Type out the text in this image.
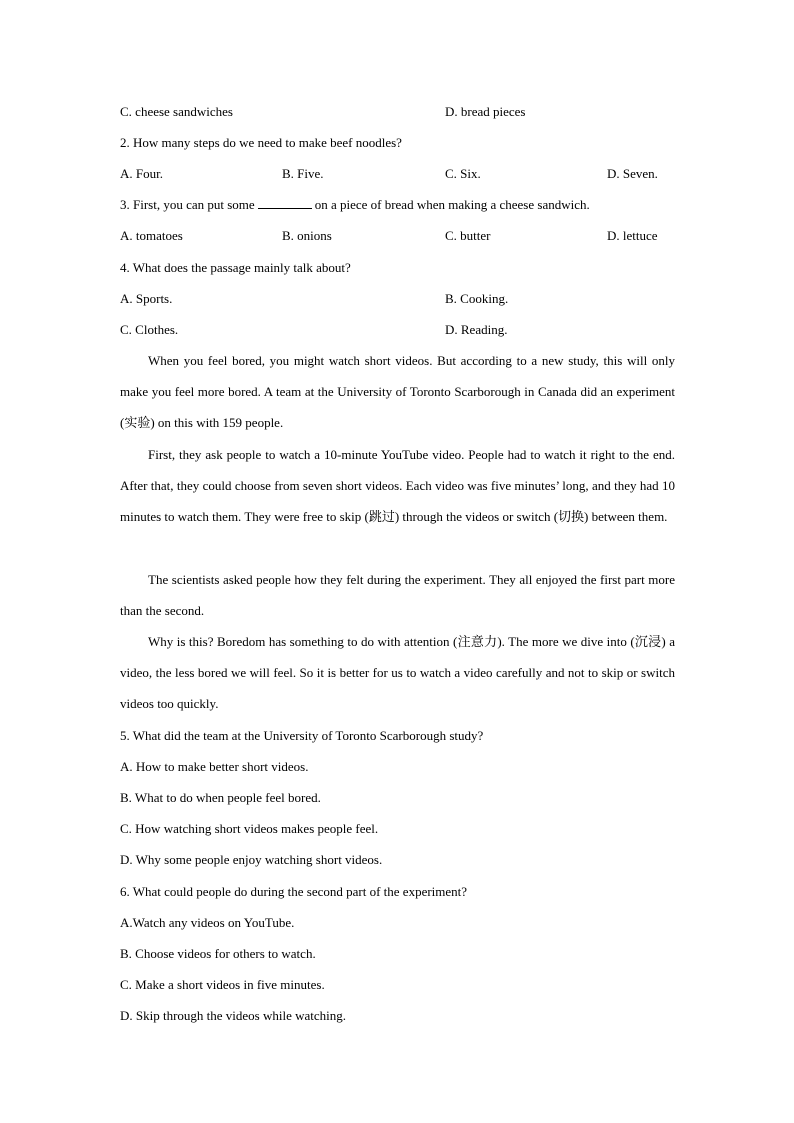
C. cheese sandwiches	D. bread pieces
2. How many steps do we need to make beef noodles?
A. Four.	B. Five.	C. Six.	D. Seven.
3. First, you can put some	on a piece of bread when making a cheese sandwich.
A. tomatoes	B. onions	C. butter	D. lettuce
4. What does the passage mainly talk about?
A. Sports.	B. Cooking.
C. Clothes.	D. Reading.
When you feel bored, you might watch short videos. But according to a new study, this will only make you feel more bored. A team at the University of Toronto Scarborough in Canada did an experiment (实验) on this with 159 people.
First, they ask people to watch a 10-minute YouTube video. People had to watch it right to the end. After that, they could choose from seven short videos. Each video was five minutes’ long, and they had 10 minutes to watch them. They were free to skip (跳过) through the videos or switch (切换) between them.
The scientists asked people how they felt during the experiment. They all enjoyed the first part more than the second.
Why is this? Boredom has something to do with attention (注意力). The more we dive into (沉浸) a video, the less bored we will feel. So it is better for us to watch a video carefully and not to skip or switch videos too quickly.
5. What did the team at the University of Toronto Scarborough study?
A. How to make better short videos.
B. What to do when people feel bored.
C. How watching short videos makes people feel.
D. Why some people enjoy watching short videos.
6. What could people do during the second part of the experiment?
A.Watch any videos on YouTube.
B. Choose videos for others to watch.
C. Make a short videos in five minutes.
D. Skip through the videos while watching.
